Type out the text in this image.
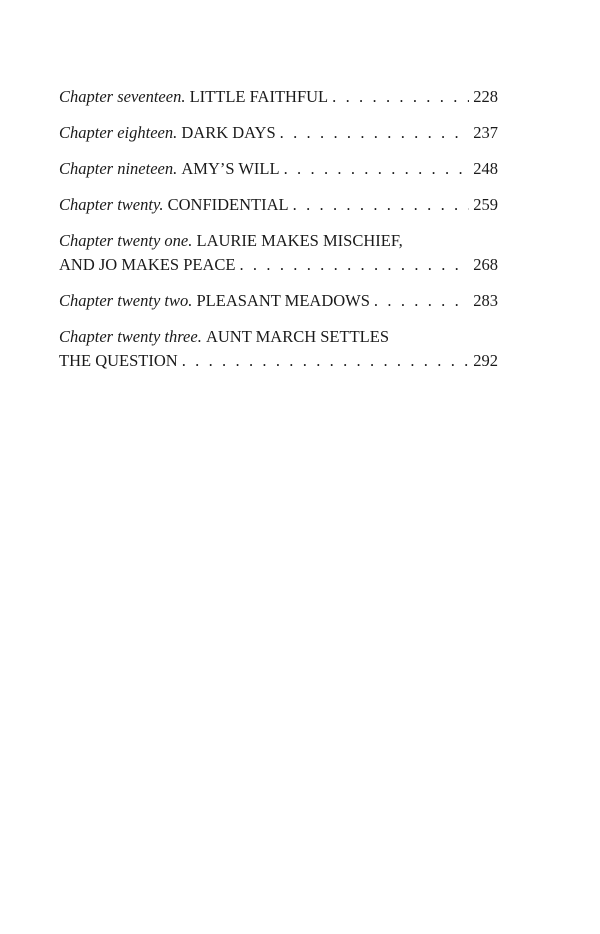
Chapter seventeen.
LITTLE FAITHFUL . . .	228
Chapter eighteen.
DARK DAYS . . .	237
Chapter nineteen.
AMY’S WILL . . .	248
Chapter twenty.
CONFIDENTIAL . . .	259
Chapter twenty one. LAURIE MAKES MISCHIEF,
AND JO MAKES PEACE . . .	268
Chapter twenty two.
PLEASANT MEADOWS . . .	283
Chapter twenty three. AUNT MARCH SETTLES
THE QUESTION . . .	292
